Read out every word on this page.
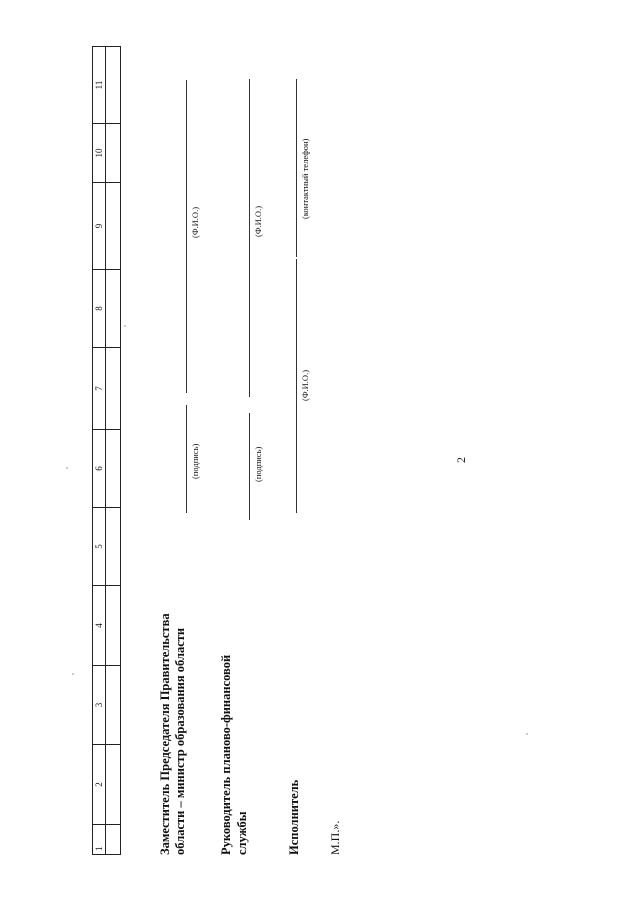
2
1	2	3	4	5	6	7	8	9	10	11

Заместитель Председателя Правительства области – министр образования области
(подпись)
(Ф.И.О.)
Руководитель планово-финансовой службы
(подпись)
(Ф.И.О.)
Исполнитель
(Ф.И.О.)
(контактный телефон)
М.П.».
